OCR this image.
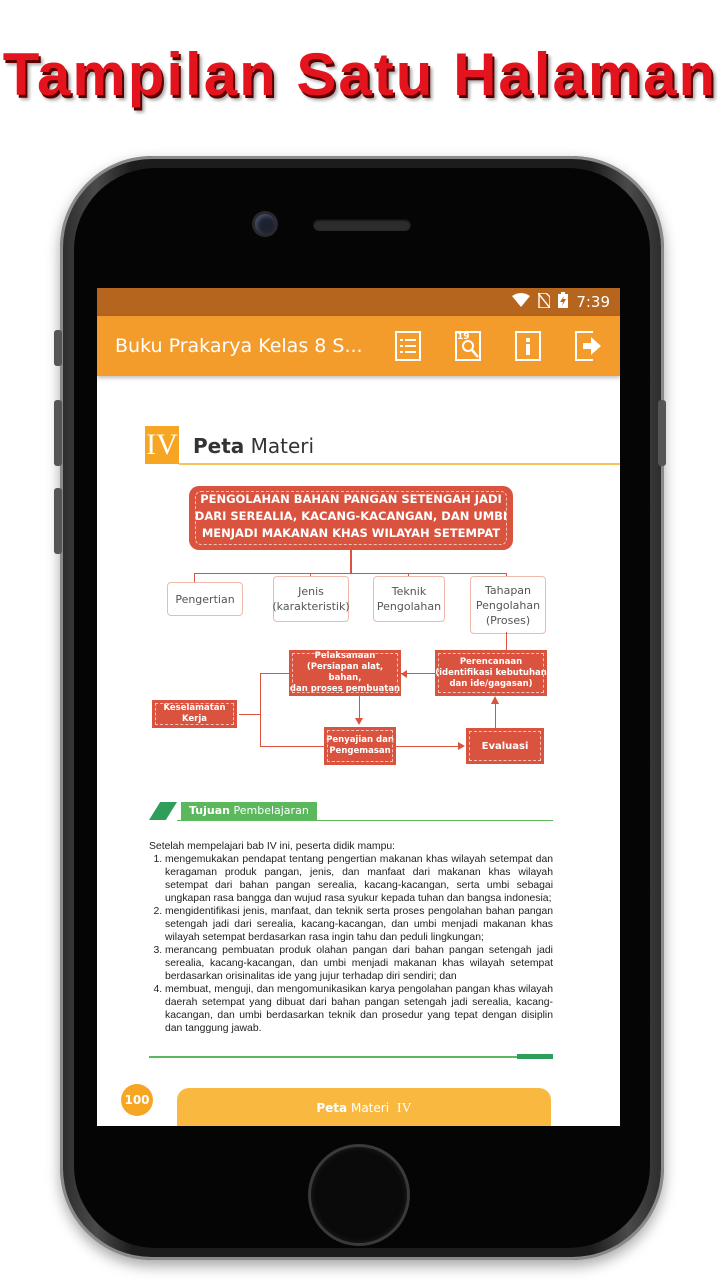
Tampilan Satu Halaman
7:39
Buku Prakarya Kelas 8 S...	19
IV Peta Materi
PENGOLAHAN BAHAN PANGAN SETENGAH JADI
DARI SEREALIA, KACANG-KACANGAN, DAN UMBI
MENJADI MAKANAN KHAS WILAYAH SETEMPAT
Pengertian
Jenis
(karakteristik)
Teknik
Pengolahan
Tahapan
Pengolahan
(Proses)
Perencanaan
(identifikasi kebutuhan
dan ide/gagasan)
Pelaksanaan
(Persiapan alat, bahan,
dan proses pembuatan
Keselamatan Kerja
Penyajian dan
Pengemasan	Evaluasi
Tujuan Pembelajaran
Setelah mempelajari bab IV ini, peserta didik mampu:
1. mengemukakan pendapat tentang pengertian makanan khas wilayah setempat dan keragaman produk pangan, jenis, dan manfaat dari makanan khas wilayah setempat dari bahan pangan serealia, kacang-kacangan, serta umbi sebagai ungkapan rasa bangga dan wujud rasa syukur kepada tuhan dan bangsa indonesia;
2. mengidentifikasi jenis, manfaat, dan teknik serta proses pengolahan bahan pangan setengah jadi dari serealia, kacang-kacangan, dan umbi menjadi makanan khas wilayah setempat berdasarkan rasa ingin tahu dan peduli lingkungan;
3. merancang pembuatan produk olahan pangan dari bahan pangan setengah jadi serealia, kacang-kacangan, dan umbi menjadi makanan khas wilayah setempat berdasarkan orisinalitas ide yang jujur terhadap diri sendiri; dan
4. membuat, menguji, dan mengomunikasikan karya pengolahan pangan khas wilayah daerah setempat yang dibuat dari bahan pangan setengah jadi serealia, kacang-kacangan, dan umbi berdasarkan teknik dan prosedur yang tepat dengan disiplin dan tanggung jawab.
100
Peta Materi IV
